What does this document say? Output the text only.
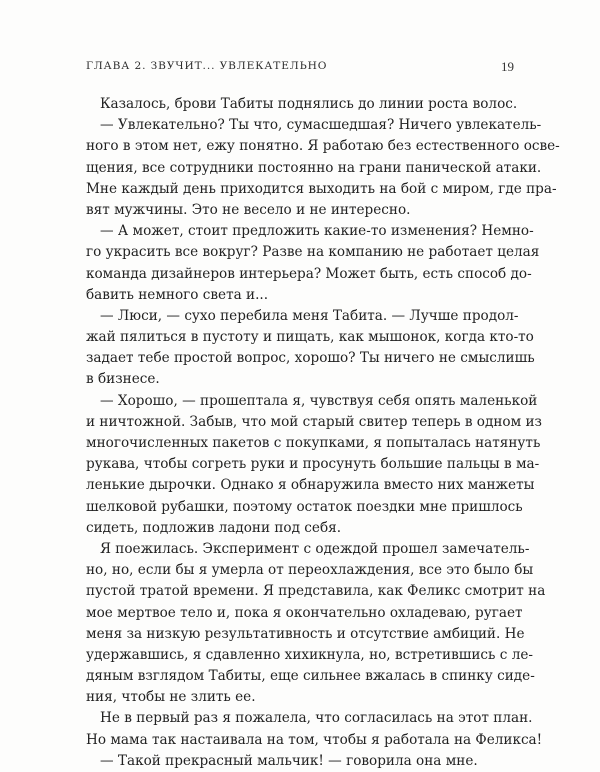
ГЛАВА 2. ЗВУЧИТ... УВЛЕКАТЕЛЬНО	19
Казалось, брови Табиты поднялись до линии роста волос.
— Увлекательно? Ты что, сумасшедшая? Ничего увлекатель-
ного в этом нет, ежу понятно. Я работаю без естественного осве-
щения, все сотрудники постоянно на грани панической атаки.
Мне каждый день приходится выходить на бой с миром, где пра-
вят мужчины. Это не весело и не интересно.
— А может, стоит предложить какие-то изменения? Немно-
го украсить все вокруг? Разве на компанию не работает целая
команда дизайнеров интерьера? Может быть, есть способ до-
бавить немного света и...
— Люси, — сухо перебила меня Табита. — Лучше продол-
жай пялиться в пустоту и пищать, как мышонок, когда кто-то
задает тебе простой вопрос, хорошо? Ты ничего не смыслишь
в бизнесе.
— Хорошо, — прошептала я, чувствуя себя опять маленькой
и ничтожной. Забыв, что мой старый свитер теперь в одном из
многочисленных пакетов с покупками, я попыталась натянуть
рукава, чтобы согреть руки и просунуть большие пальцы в ма-
ленькие дырочки. Однако я обнаружила вместо них манжеты
шелковой рубашки, поэтому остаток поездки мне пришлось
сидеть, подложив ладони под себя.
Я поежилась. Эксперимент с одеждой прошел замечатель-
но, но, если бы я умерла от переохлаждения, все это было бы
пустой тратой времени. Я представила, как Феликс смотрит на
мое мертвое тело и, пока я окончательно охладеваю, ругает
меня за низкую результативность и отсутствие амбиций. Не
удержавшись, я сдавленно хихикнула, но, встретившись с ле-
дяным взглядом Табиты, еще сильнее вжалась в спинку сиде-
ния, чтобы не злить ее.
Не в первый раз я пожалела, что согласилась на этот план.
Но мама так настаивала на том, чтобы я работала на Феликса!
— Такой прекрасный мальчик! — говорила она мне.
